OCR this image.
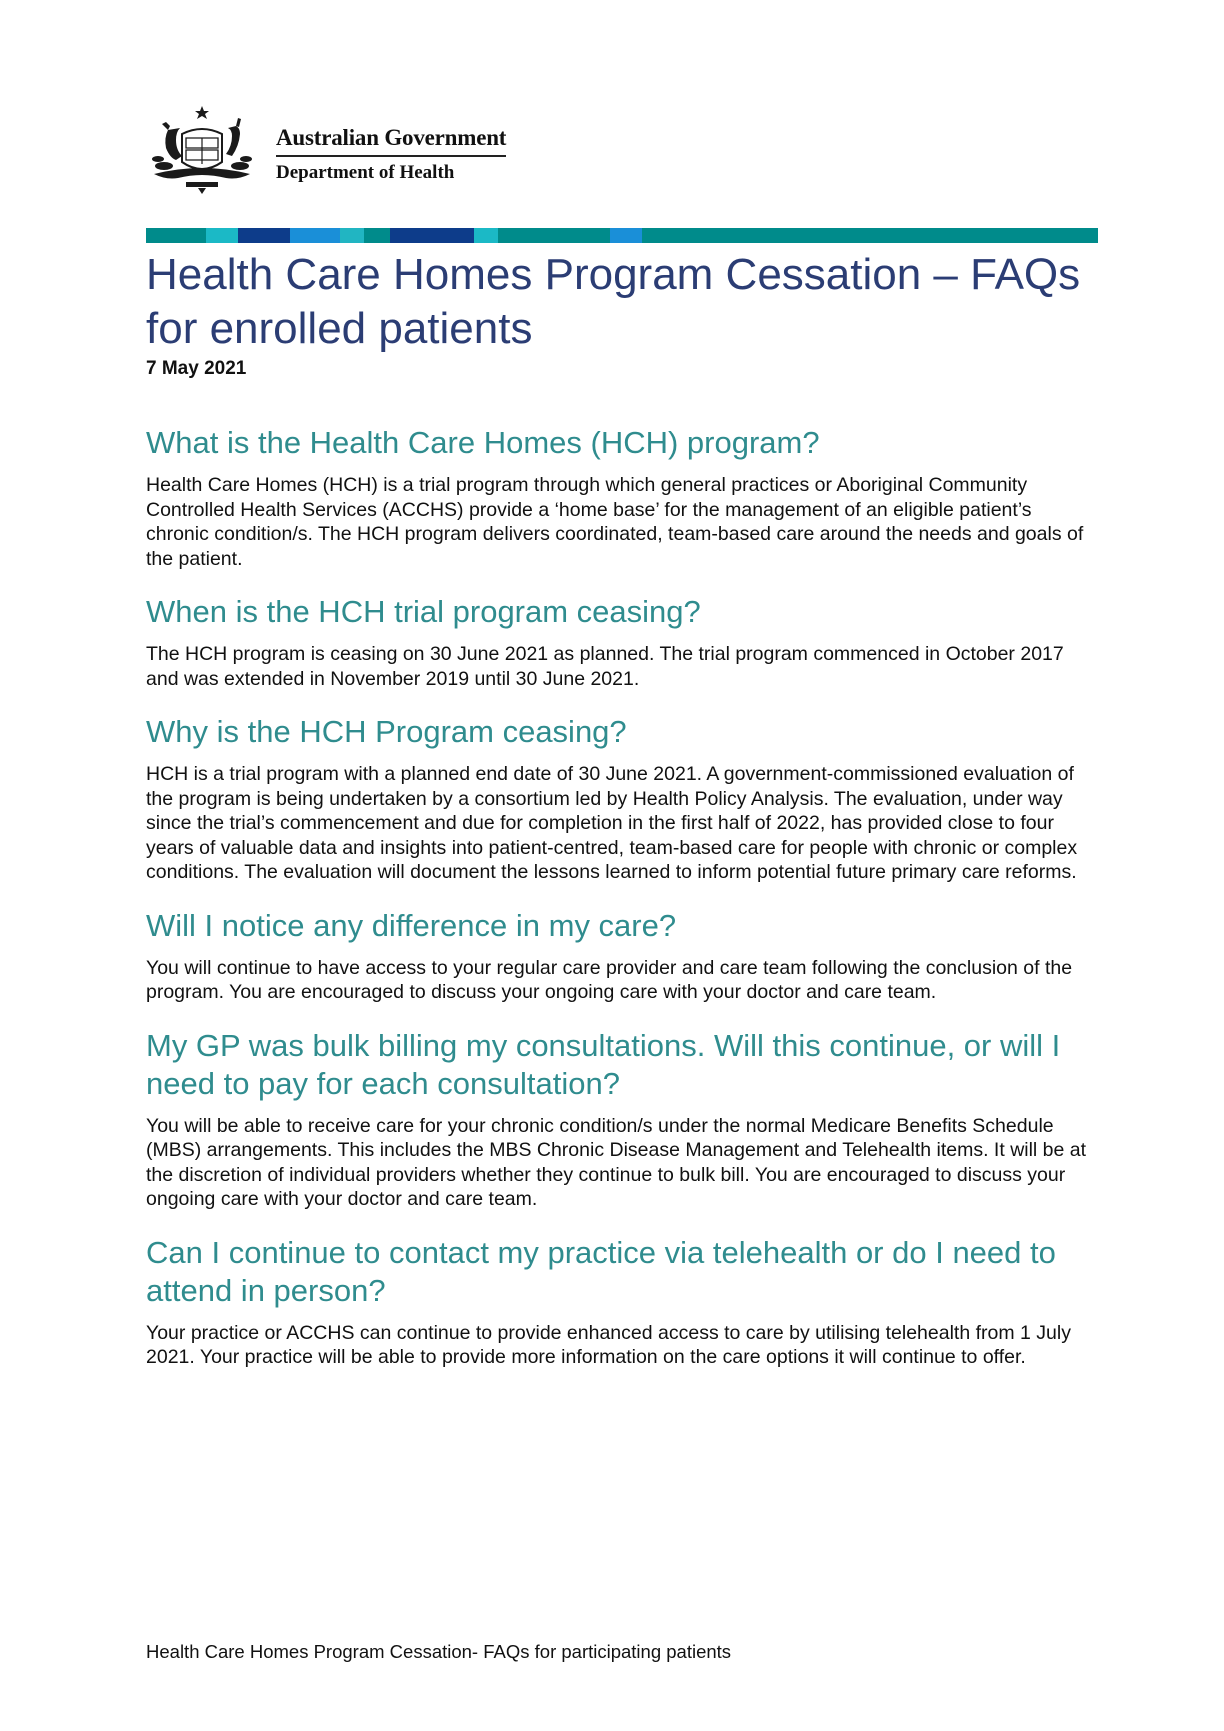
Australian Government
Department of Health
Health Care Homes Program Cessation – FAQs for enrolled patients
7 May 2021
What is the Health Care Homes (HCH) program?

Health Care Homes (HCH) is a trial program through which general practices or Aboriginal Community Controlled Health Services (ACCHS) provide a ‘home base’ for the management of an eligible patient’s chronic condition/s. The HCH program delivers coordinated, team-based care around the needs and goals of the patient.

When is the HCH trial program ceasing?

The HCH program is ceasing on 30 June 2021 as planned. The trial program commenced in October 2017 and was extended in November 2019 until 30 June 2021.

Why is the HCH Program ceasing?

HCH is a trial program with a planned end date of 30 June 2021. A government-commissioned evaluation of the program is being undertaken by a consortium led by Health Policy Analysis. The evaluation, under way since the trial’s commencement and due for completion in the first half of 2022, has provided close to four years of valuable data and insights into patient-centred, team-based care for people with chronic or complex conditions. The evaluation will document the lessons learned to inform potential future primary care reforms.

Will I notice any difference in my care?

You will continue to have access to your regular care provider and care team following the conclusion of the program. You are encouraged to discuss your ongoing care with your doctor and care team.

My GP was bulk billing my consultations. Will this continue, or will I need to pay for each consultation?

You will be able to receive care for your chronic condition/s under the normal Medicare Benefits Schedule (MBS) arrangements. This includes the MBS Chronic Disease Management and Telehealth items. It will be at the discretion of individual providers whether they continue to bulk bill. You are encouraged to discuss your ongoing care with your doctor and care team.

Can I continue to contact my practice via telehealth or do I need to attend in person?

Your practice or ACCHS can continue to provide enhanced access to care by utilising telehealth from 1 July 2021. Your practice will be able to provide more information on the care options it will continue to offer.

Health Care Homes Program Cessation- FAQs for participating patients
